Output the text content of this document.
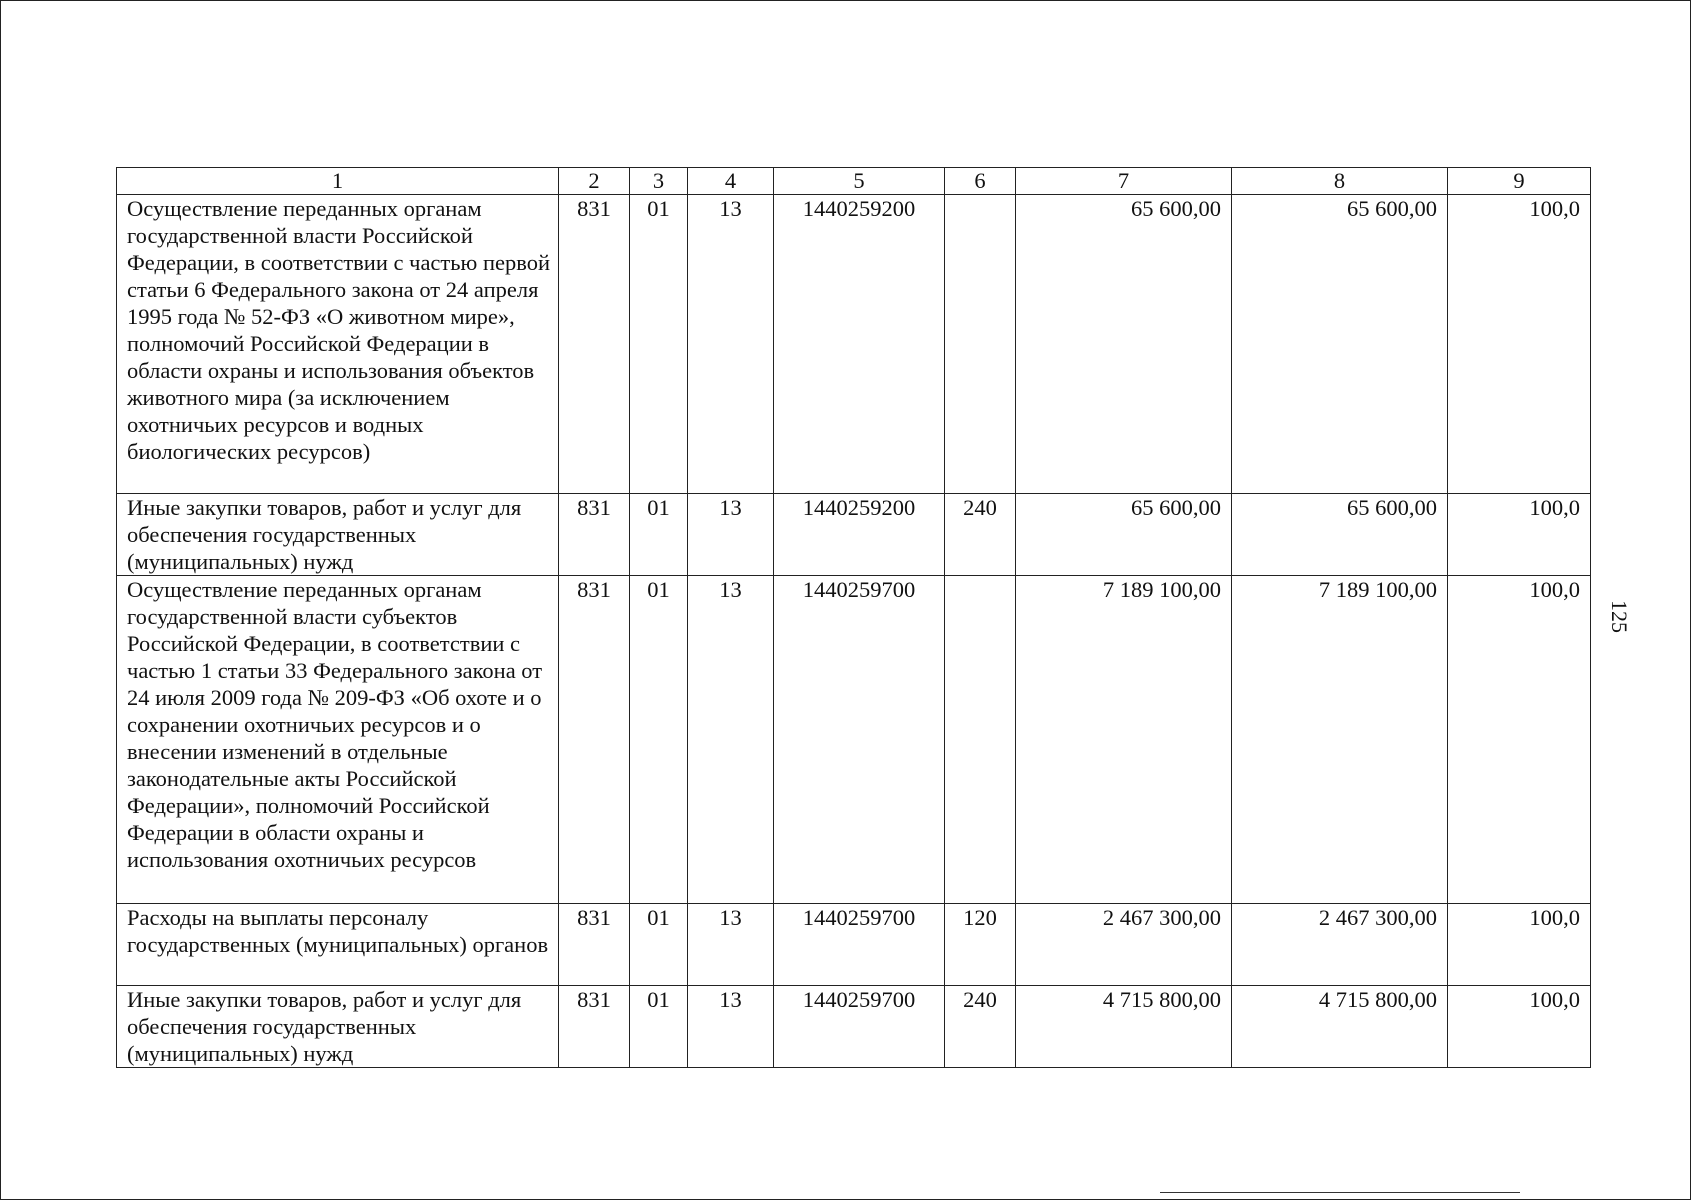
1	2	3	4	5	6	7	8	9
Осуществление переданных органам государственной власти Российской Федерации, в соответствии с частью первой статьи 6 Федерального закона от 24 апреля 1995 года № 52-ФЗ «О животном мире», полномочий Российской Федерации в области охраны и использования объектов животного мира (за исключением охотничьих ресурсов и водных биологических ресурсов)	831	01	13	1440259200		65 600,00	65 600,00	100,0
Иные закупки товаров, работ и услуг для обеспечения государственных (муниципальных) нужд	831	01	13	1440259200	240	65 600,00	65 600,00	100,0
Осуществление переданных органам государственной власти субъектов Российской Федерации, в соответствии с частью 1 статьи 33 Федерального закона от 24 июля 2009 года № 209-ФЗ «Об охоте и о сохранении охотничьих ресурсов и о внесении изменений в отдельные законодательные акты Российской Федерации», полномочий Российской Федерации в области охраны и использования охотничьих ресурсов	831	01	13	1440259700		7 189 100,00	7 189 100,00	100,0
Расходы на выплаты персоналу государственных (муниципальных) органов	831	01	13	1440259700	120	2 467 300,00	2 467 300,00	100,0
Иные закупки товаров, работ и услуг для обеспечения государственных (муниципальных) нужд	831	01	13	1440259700	240	4 715 800,00	4 715 800,00	100,0
125
